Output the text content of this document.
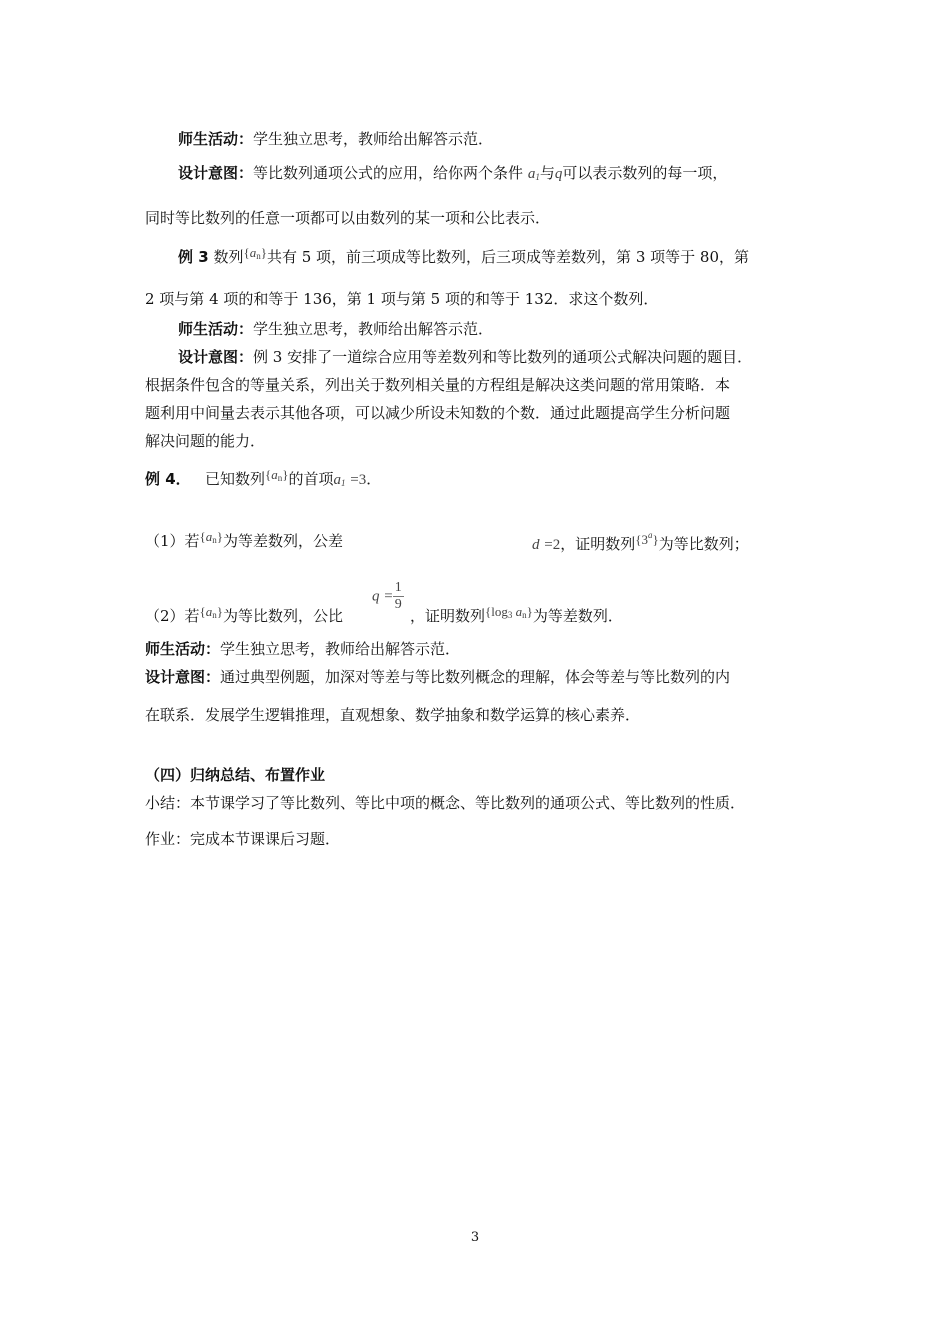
师生活动：学生独立思考，教师给出解答示范．
设计意图：等比数列通项公式的应用，给你两个条件 $a_1$与q可以表示数列的每一项，
同时等比数列的任意一项都可以由数列的某一项和公比表示．
例 3 数列$\{a_n\}$共有 5 项，前三项成等比数列，后三项成等差数列，第 3 项等于 80，第
2 项与第 4 项的和等于 136，第 1 项与第 5 项的和等于 132．求这个数列．
师生活动：学生独立思考，教师给出解答示范．
设计意图：例 3 安排了一道综合应用等差数列和等比数列的通项公式解决问题的题目．
根据条件包含的等量关系，列出关于数列相关量的方程组是解决这类问题的常用策略．本
题利用中间量去表示其他各项，可以减少所设未知数的个数．通过此题提高学生分析问题
解决问题的能力．
例 4． 已知数列$\{a_n\}$的首项$a_1 =3$．
（1）若$\{a_n\}$为等差数列，公差	d =2，证明数列{3$^a$}为等比数列；
（2）若$\{a_n\}$为等比数列，公比
$q = \frac{1}{9}$
，证明数列{$\log_3$ $a_n$}为等差数列．
师生活动：学生独立思考，教师给出解答示范．
设计意图：通过典型例题，加深对等差与等比数列概念的理解，体会等差与等比数列的内
在联系．发展学生逻辑推理，直观想象、数学抽象和数学运算的核心素养．
（四）归纳总结、布置作业
小结：本节课学习了等比数列、等比中项的概念、等比数列的通项公式、等比数列的性质．
作业：完成本节课课后习题．
3
